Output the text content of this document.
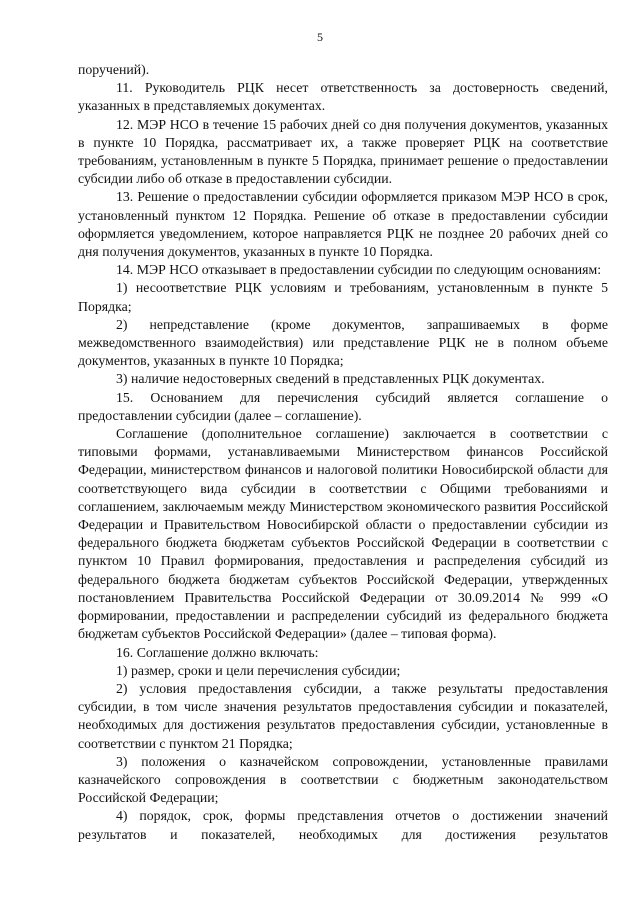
5

поручений).

11. Руководитель РЦК несет ответственность за достоверность сведений, указанных в представляемых документах.

12. МЭР НСО в течение 15 рабочих дней со дня получения документов, указанных в пункте 10 Порядка, рассматривает их, а также проверяет РЦК на соответствие требованиям, установленным в пункте 5 Порядка, принимает решение о предоставлении субсидии либо об отказе в предоставлении субсидии.

13. Решение о предоставлении субсидии оформляется приказом МЭР НСО в срок, установленный пунктом 12 Порядка. Решение об отказе в предоставлении субсидии оформляется уведомлением, которое направляется РЦК не позднее 20 рабочих дней со дня получения документов, указанных в пункте 10 Порядка.

14. МЭР НСО отказывает в предоставлении субсидии по следующим основаниям:

1) несоответствие РЦК условиям и требованиям, установленным в пункте 5 Порядка;

2) непредставление (кроме документов, запрашиваемых в форме межведомственного взаимодействия) или представление РЦК не в полном объеме документов, указанных в пункте 10 Порядка;

3) наличие недостоверных сведений в представленных РЦК документах.

15. Основанием для перечисления субсидий является соглашение о предоставлении субсидии (далее – соглашение).

Соглашение (дополнительное соглашение) заключается в соответствии с типовыми формами, устанавливаемыми Министерством финансов Российской Федерации, министерством финансов и налоговой политики Новосибирской области для соответствующего вида субсидии в соответствии с Общими требованиями и соглашением, заключаемым между Министерством экономического развития Российской Федерации и Правительством Новосибирской области о предоставлении субсидии из федерального бюджета бюджетам субъектов Российской Федерации в соответствии с пунктом 10 Правил формирования, предоставления и распределения субсидий из федерального бюджета бюджетам субъектов Российской Федерации, утвержденных постановлением Правительства Российской Федерации от 30.09.2014 № 999 «О формировании, предоставлении и распределении субсидий из федерального бюджета бюджетам субъектов Российской Федерации» (далее – типовая форма).

16. Соглашение должно включать:

1) размер, сроки и цели перечисления субсидии;

2) условия предоставления субсидии, а также результаты предоставления субсидии, в том числе значения результатов предоставления субсидии и показателей, необходимых для достижения результатов предоставления субсидии, установленные в соответствии с пунктом 21 Порядка;

3) положения о казначейском сопровождении, установленные правилами казначейского сопровождения в соответствии с бюджетным законодательством Российской Федерации;

4) порядок, срок, формы представления отчетов о достижении значений результатов и показателей, необходимых для достижения результатов
